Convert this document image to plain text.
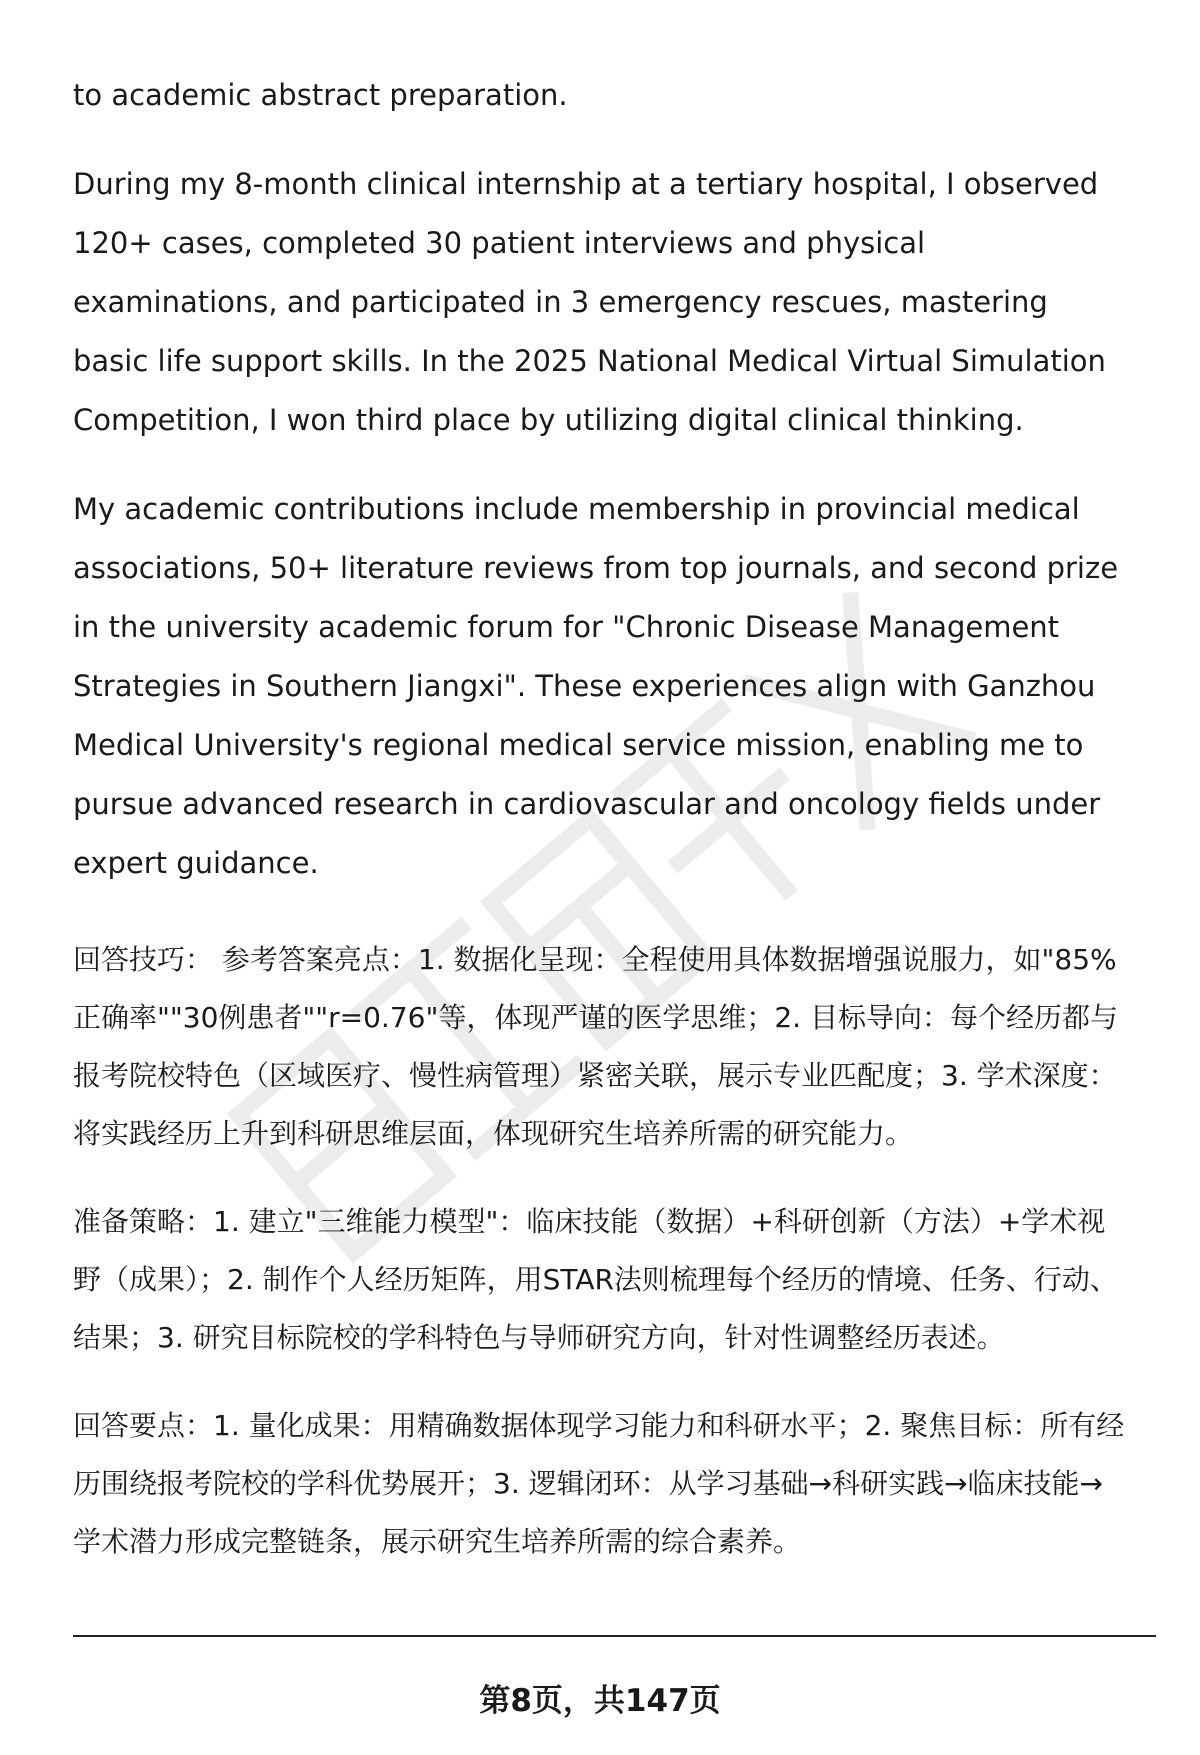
to academic abstract preparation.

During my 8-month clinical internship at a tertiary hospital, I observed 120+ cases, completed 30 patient interviews and physical examinations, and participated in 3 emergency rescues, mastering basic life support skills. In the 2025 National Medical Virtual Simulation Competition, I won third place by utilizing digital clinical thinking.

My academic contributions include membership in provincial medical associations, 50+ literature reviews from top journals, and second prize in the university academic forum for "Chronic Disease Management Strategies in Southern Jiangxi". These experiences align with Ganzhou Medical University's regional medical service mission, enabling me to pursue advanced research in cardiovascular and oncology fields under expert guidance.

回答技巧： 参考答案亮点：1. 数据化呈现：全程使用具体数据增强说服力，如"85%正确率""30例患者""r=0.76"等，体现严谨的医学思维；2. 目标导向：每个经历都与报考院校特色（区域医疗、慢性病管理）紧密关联，展示专业匹配度；3. 学术深度：将实践经历上升到科研思维层面，体现研究生培养所需的研究能力。

准备策略：1. 建立"三维能力模型"：临床技能（数据）+科研创新（方法）+学术视野（成果）；2. 制作个人经历矩阵，用STAR法则梳理每个经历的情境、任务、行动、结果；3. 研究目标院校的学科特色与导师研究方向，针对性调整经历表述。

回答要点：1. 量化成果：用精确数据体现学习能力和科研水平；2. 聚焦目标：所有经历围绕报考院校的学科优势展开；3. 逻辑闭环：从学习基础→科研实践→临床技能→学术潜力形成完整链条，展示研究生培养所需的综合素养。

第8页，共147页
